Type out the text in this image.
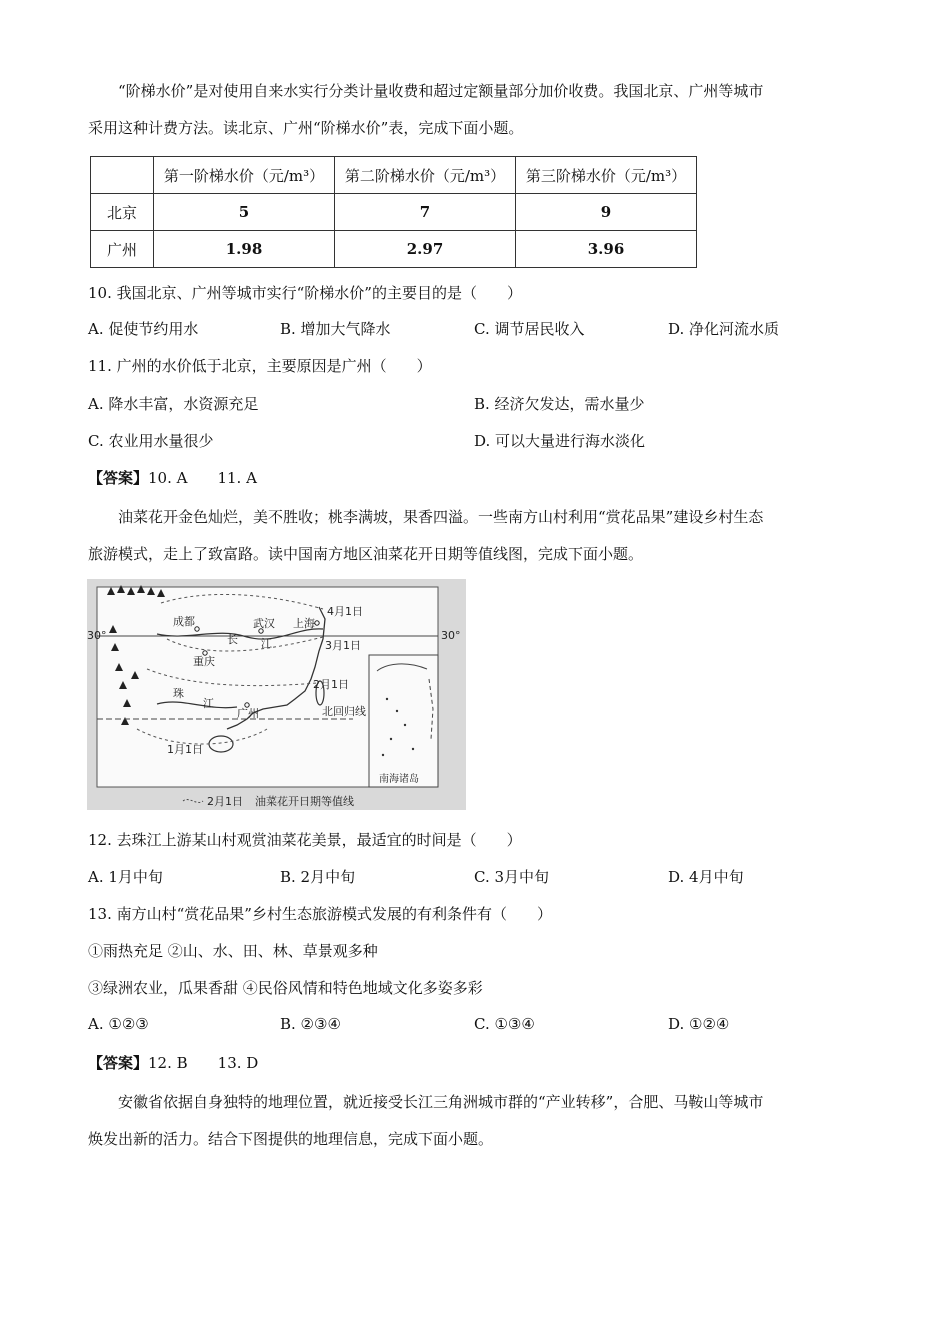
“阶梯水价”是对使用自来水实行分类计量收费和超过定额量部分加价收费。我国北京、广州等城市
采用这种计费方法。读北京、广州“阶梯水价”表，完成下面小题。
	第一阶梯水价（元/m³）	第二阶梯水价（元/m³）	第三阶梯水价（元/m³）
北京	5	7	9
广州	1.98	2.97	3.96
10. 我国北京、广州等城市实行“阶梯水价”的主要目的是（　　）
A. 促使节约用水	B. 增加大气降水	C. 调节居民收入	D. 净化河流水质
11. 广州的水价低于北京，主要原因是广州（　　）
A. 降水丰富，水资源充足	B. 经济欠发达，需水量少
C. 农业用水量很少	D. 可以大量进行海水淡化
【答案】10. A　　11. A
油菜花开金色灿烂，美不胜收；桃李满坡，果香四溢。一些南方山村利用“赏花品果”建设乡村生态
旅游模式，走上了致富路。读中国南方地区油菜花开日期等值线图，完成下面小题。
30°	30°
北回归线
4月1日
3月1日
2月1日
1月1日
成都	武汉 上海
重庆
广州
长 江
珠
江
南海诸岛
2月1日 油菜花开日期等值线
12. 去珠江上游某山村观赏油菜花美景，最适宜的时间是（　　）
A. 1月中旬	B. 2月中旬	C. 3月中旬	D. 4月中旬
13. 南方山村“赏花品果”乡村生态旅游模式发展的有利条件有（　　）
①雨热充足 ②山、水、田、林、草景观多种
③绿洲农业，瓜果香甜 ④民俗风情和特色地域文化多姿多彩
A. ①②③	B. ②③④	C. ①③④	D. ①②④
【答案】12. B　　13. D
安徽省依据自身独特的地理位置，就近接受长江三角洲城市群的“产业转移”，合肥、马鞍山等城市
焕发出新的活力。结合下图提供的地理信息，完成下面小题。
